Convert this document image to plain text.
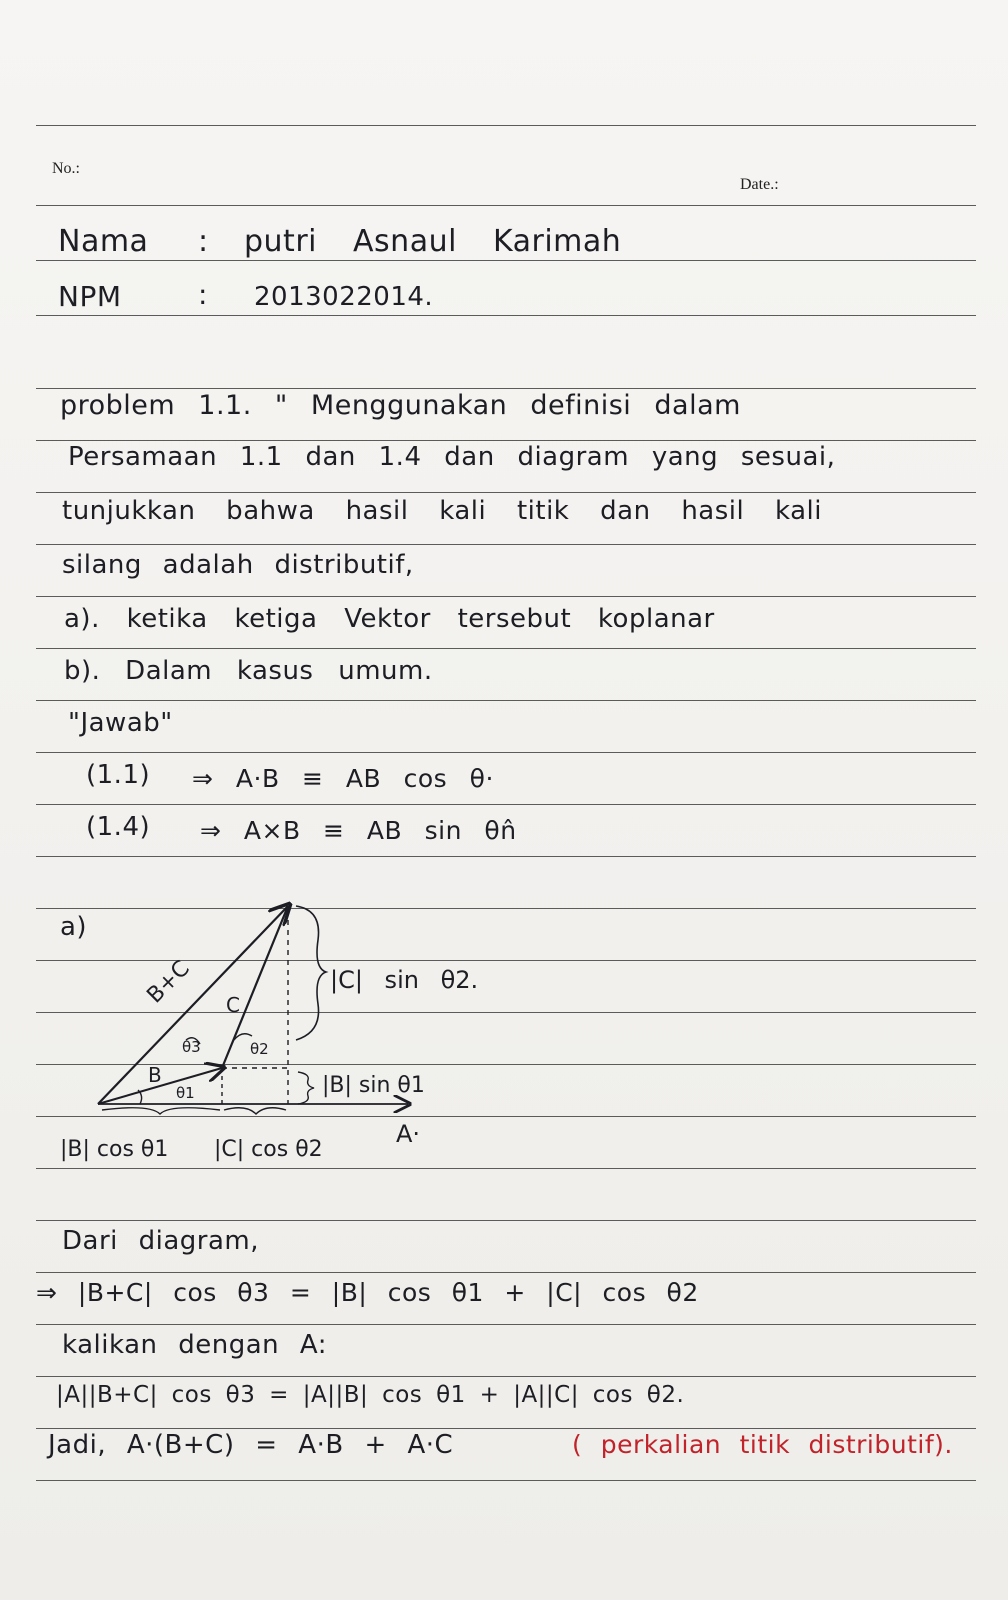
No.:
Date.:
Nama : putri Asnaul Karimah
NPM	: 2013022014.
problem 1.1. " Menggunakan definisi dalam
Persamaan 1.1 dan 1.4 dan diagram yang sesuai,
tunjukkan bahwa hasil kali titik dan hasil kali
silang adalah distributif,
a). ketika ketiga Vektor tersebut koplanar
b). Dalam kasus umum.
"Jawab"
(1.1) ⇒ A·B ≡ AB cos θ·
(1.4) ⇒ A×B ≡ AB sin θn̂
a)
B+C C
B
θ1
θ3	θ2
A·
|C| sin θ2.
|B| sin θ1
|B| cos θ1 |C| cos θ2
Dari diagram,
⇒ |B+C| cos θ3 = |B| cos θ1 + |C| cos θ2
kalikan dengan A:
|A||B+C| cos θ3 = |A||B| cos θ1 + |A||C| cos θ2.
Jadi, A·(B+C) = A·B + A·C	( perkalian titik distributif).
